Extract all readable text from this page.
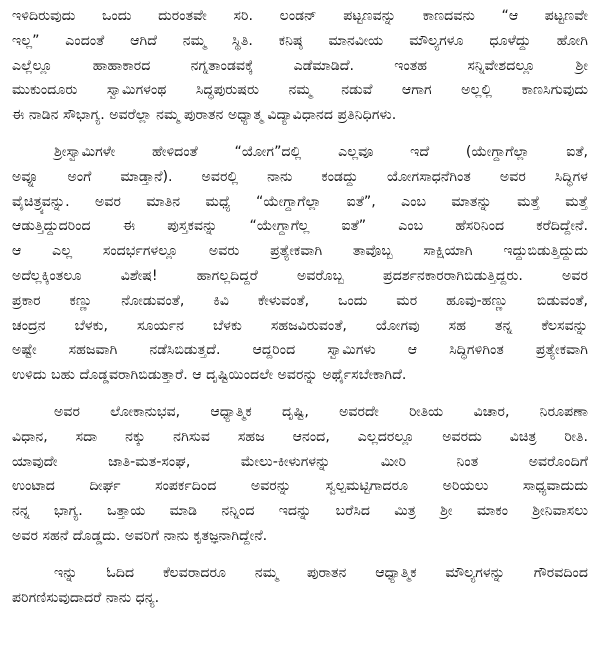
ಇಳಿದಿರುವುದು ಒಂದು ದುರಂತವೇ ಸರಿ. ಲಂಡನ್ ಪಟ್ಟಣವನ್ನು ಕಾಣದವನು “ಆ ಪಟ್ಟಣವೇ
ಇಲ್ಲ” ಎಂದಂತೆ ಆಗಿದೆ ನಮ್ಮ ಸ್ಥಿತಿ. ಕನಿಷ್ಠ ಮಾನವೀಯ ಮೌಲ್ಯಗಳೂ ಧೂಳೆದ್ದು ಹೋಗಿ
ಎಲ್ಲೆಲ್ಲೂ ಹಾಹಾಕಾರದ ನಗ್ನತಾಂಡವಕ್ಕೆ ಎಡೆಮಾಡಿದೆ. ಇಂತಹ ಸನ್ನಿವೇಶದಲ್ಲೂ ಶ್ರೀ
ಮುಕುಂದೂರು ಸ್ವಾಮಿಗಳಂಥ ಸಿದ್ಧಪುರುಷರು ನಮ್ಮ ನಡುವೆ ಆಗಾಗ ಅಲ್ಲಲ್ಲಿ ಕಾಣಸಿಗುವುದು
ಈ ನಾಡಿನ ಸೌಭಾಗ್ಯ. ಅವರೆಲ್ಲಾ ನಮ್ಮ ಪುರಾತನ ಅಧ್ಯಾತ್ಮ ವಿದ್ಯಾವಿಧಾನದ ಪ್ರತಿನಿಧಿಗಳು.
ಶ್ರೀಸ್ವಾಮಿಗಳೇ ಹೇಳಿದಂತೆ “ಯೋಗ”ದಲ್ಲಿ ಎಲ್ಲವೂ ಇದೆ (ಯೇಗ್ದಾಗೆಲ್ಲಾ ಐತೆ,
ಅವ್ನೂ ಅಂಗೆ ಮಾಡ್ತಾನೆ). ಅವರಲ್ಲಿ ನಾನು ಕಂಡದ್ದು ಯೋಗಸಾಧನೆಗಿಂತ ಅವರ ಸಿದ್ಧಿಗಳ
ವೈಚಿತ್ರ್ಯವನ್ನು. ಅವರ ಮಾತಿನ ಮಧ್ಯೆ “ಯೇಗ್ದಾಗೆಲ್ಲಾ ಐತೆ”, ಎಂಬ ಮಾತನ್ನು ಮತ್ತೆ ಮತ್ತೆ
ಆಡುತ್ತಿದ್ದುದರಿಂದ ಈ ಪುಸ್ತಕವನ್ನು “ಯೇಗ್ದಾಗೆಲ್ಲ ಐತೆ” ಎಂಬ ಹೆಸರಿನಿಂದ ಕರೆದಿದ್ದೇನೆ.
ಆ ಎಲ್ಲ ಸಂದರ್ಭಗಳಲ್ಲೂ ಅವರು ಪ್ರತ್ಯೇಕವಾಗಿ ತಾವೊಬ್ಬ ಸಾಕ್ಷಿಯಾಗಿ ಇದ್ದುಬಿಡುತ್ತಿದ್ದುದು
ಅದೆಲ್ಲಕ್ಕಿಂತಲೂ ವಿಶೇಷ! ಹಾಗಲ್ಲದಿದ್ದರೆ ಅವರೊಬ್ಬ ಪ್ರದರ್ಶನಕಾರರಾಗಿಬಿಡುತ್ತಿದ್ದರು. ಅವರ
ಪ್ರಕಾರ ಕಣ್ಣು ನೋಡುವಂತೆ, ಕಿವಿ ಕೇಳುವಂತೆ, ಒಂದು ಮರ ಹೂವು-ಹಣ್ಣು ಬಿಡುವಂತೆ,
ಚಂದ್ರನ ಬೆಳಕು, ಸೂರ್ಯನ ಬೆಳಕು ಸಹಜವಿರುವಂತೆ, ಯೋಗವು ಸಹ ತನ್ನ ಕೆಲಸವನ್ನು
ಅಷ್ಟೇ ಸಹಜವಾಗಿ ನಡೆಸಿಬಿಡುತ್ತದೆ. ಆದ್ದರಿಂದ ಸ್ವಾಮಿಗಳು ಆ ಸಿದ್ಧಿಗಳಿಗಿಂತ ಪ್ರತ್ಯೇಕವಾಗಿ
ಉಳಿದು ಬಹು ದೊಡ್ಡವರಾಗಿಬಿಡುತ್ತಾರೆ. ಆ ದೃಷ್ಟಿಯಿಂದಲೇ ಅವರನ್ನು ಅರ್ಥೈಸಬೇಕಾಗಿದೆ.
ಅವರ ಲೋಕಾನುಭವ, ಆಧ್ಯಾತ್ಮಿಕ ದೃಷ್ಟಿ, ಅವರದೇ ರೀತಿಯ ವಿಚಾರ, ನಿರೂಪಣಾ
ವಿಧಾನ, ಸದಾ ನಕ್ಕು ನಗಿಸುವ ಸಹಜ ಆನಂದ, ಎಲ್ಲದರಲ್ಲೂ ಅವರದು ವಿಚಿತ್ರ ರೀತಿ.
ಯಾವುದೇ ಜಾತಿ-ಮತ-ಸಂಘ, ಮೇಲು-ಕೀಳುಗಳನ್ನು ಮೀರಿ ನಿಂತ ಅವರೊಂದಿಗೆ
ಉಂಟಾದ ದೀರ್ಘ ಸಂಪರ್ಕದಿಂದ ಅವರನ್ನು ಸ್ವಲ್ಪಮಟ್ಟಿಗಾದರೂ ಅರಿಯಲು ಸಾಧ್ಯವಾದುದು
ನನ್ನ ಭಾಗ್ಯ. ಒತ್ತಾಯ ಮಾಡಿ ನನ್ನಿಂದ ಇದನ್ನು ಬರೆಸಿದ ಮಿತ್ರ ಶ್ರೀ ಮಾಕಂ ಶ್ರೀನಿವಾಸಲು
ಅವರ ಸಹನೆ ದೊಡ್ಡದು. ಅವರಿಗೆ ನಾನು ಕೃತಜ್ಞನಾಗಿದ್ದೇನೆ.
ಇನ್ನು ಓದಿದ ಕೆಲವರಾದರೂ ನಮ್ಮ ಪುರಾತನ ಆಧ್ಯಾತ್ಮಿಕ ಮೌಲ್ಯಗಳನ್ನು ಗೌರವದಿಂದ
ಪರಿಗಣಿಸುವುದಾದರೆ ನಾನು ಧನ್ಯ.
